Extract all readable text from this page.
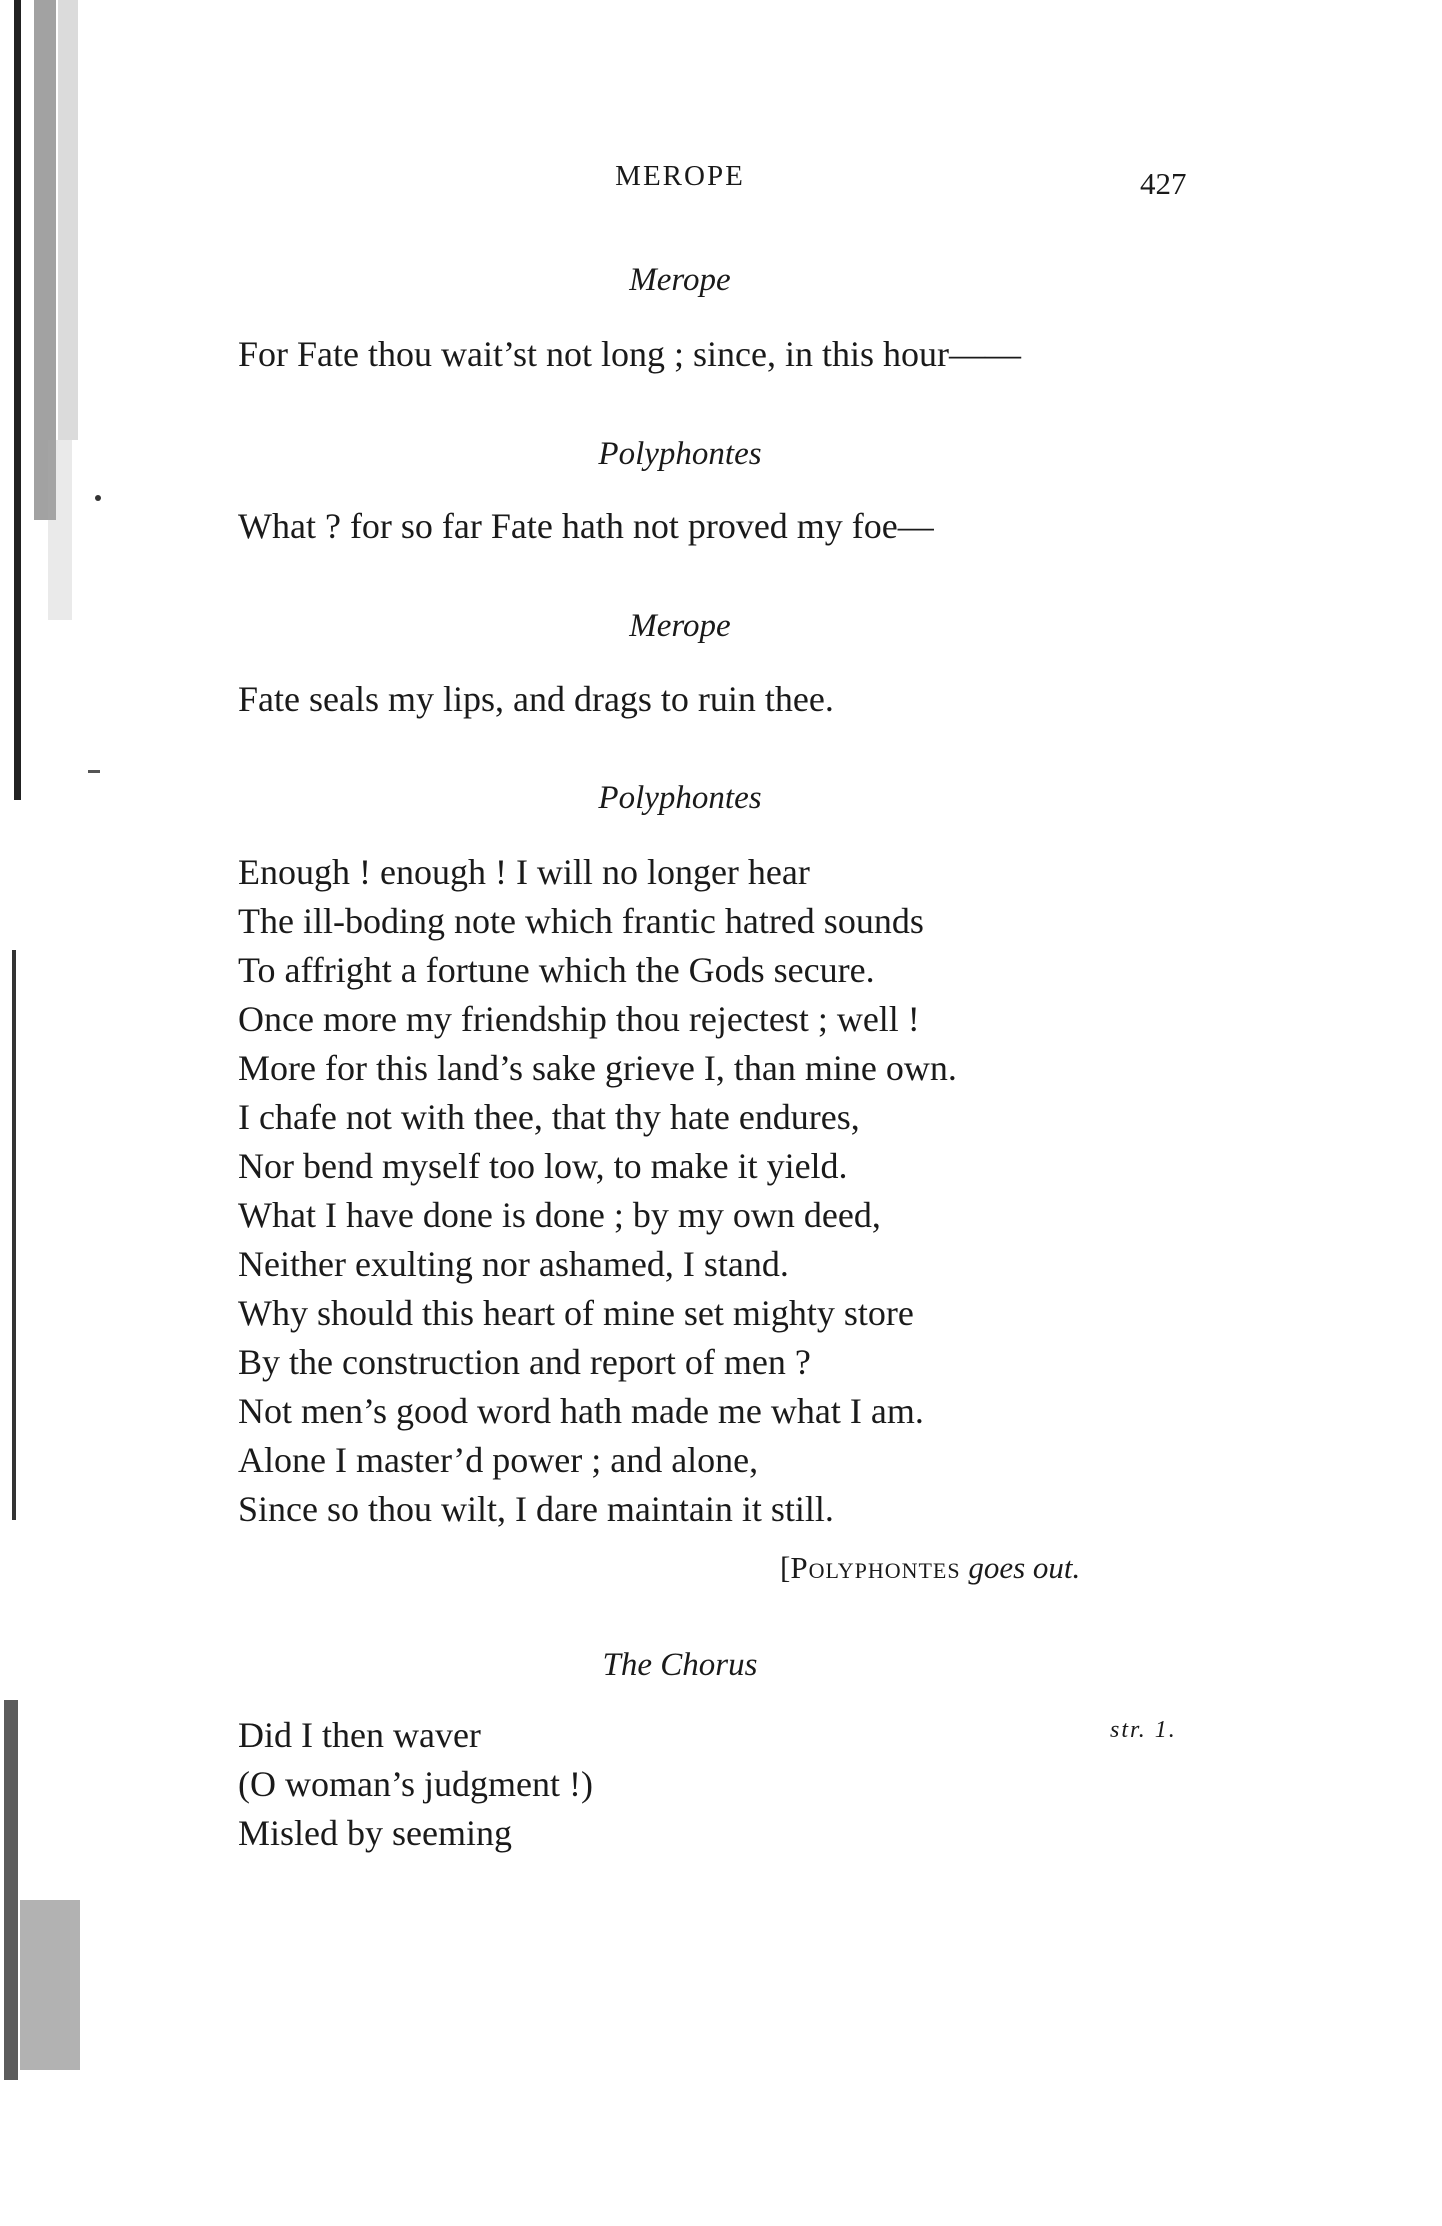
MEROPE	427
Merope
For Fate thou wait’st not long ; since, in this hour——
Polyphontes
What ? for so far Fate hath not proved my foe—
Merope
Fate seals my lips, and drags to ruin thee.
Polyphontes
Enough ! enough ! I will no longer hear
The ill-boding note which frantic hatred sounds
To affright a fortune which the Gods secure.
Once more my friendship thou rejectest ; well !
More for this land’s sake grieve I, than mine own.
I chafe not with thee, that thy hate endures,
Nor bend myself too low, to make it yield.
What I have done is done ; by my own deed,
Neither exulting nor ashamed, I stand.
Why should this heart of mine set mighty store
By the construction and report of men ?
Not men’s good word hath made me what I am.
Alone I master’d power ; and alone,
Since so thou wilt, I dare maintain it still.
[Polyphontes goes out.
The Chorus
Did I then waver
(O woman’s judgment !)
Misled by seeming
str. 1.
